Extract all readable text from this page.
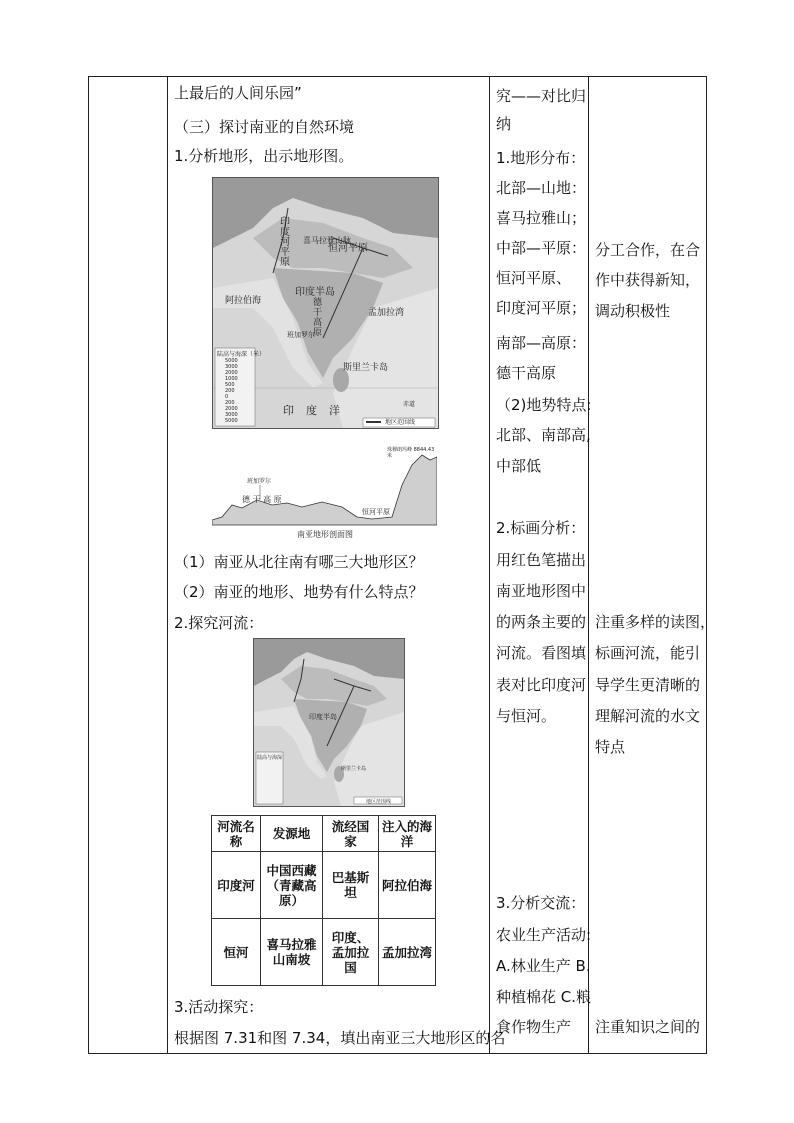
上最后的人间乐园”
（三）探讨南亚的自然环境
1.分析地形，出示地形图。
喜马拉雅山脉
印度河平原
恒河平原
印度半岛
德干高原
阿拉伯海
孟加拉湾
印度洋
斯里兰卡岛
班加罗尔
陆高与海深（米）
5000
3000
2000
1000
500
200
0
200
2000
3000
5000	地区范围线
赤道
珠穆朗玛峰 8844.43米
班加罗尔
德 干 高 原
恒河平原
南亚地形剖面图
（1）南亚从北往南有哪三大地形区？
（2）南亚的地形、地势有什么特点？
2.探究河流：
印度半岛
斯里兰卡岛
陆高与海深
地区范围线
河流名称	发源地	流经国家	注入的海洋
印度河	中国西藏（青藏高原）	巴基斯坦	阿拉伯海
恒河	喜马拉雅山南坡	印度、孟加拉国	孟加拉湾
3.活动探究：
根据图 7.31和图 7.34，填出南亚三大地形区的名
究——对比归
纳
1.地形分布：
北部—山地：
喜马拉雅山；
中部—平原：
恒河平原、
印度河平原；
南部—高原：
德干高原
（2)地势特点:
北部、南部高,
中部低
2.标画分析：
用红色笔描出
南亚地形图中
的两条主要的
河流。看图填
表对比印度河
与恒河。
3.分析交流：
农业生产活动:
A.林业生产 B.
种植棉花 C.粮
食作物生产
分工合作，在合
作中获得新知，
调动积极性
注重多样的读图，
标画河流，能引
导学生更清晰的
理解河流的水文
特点
注重知识之间的
